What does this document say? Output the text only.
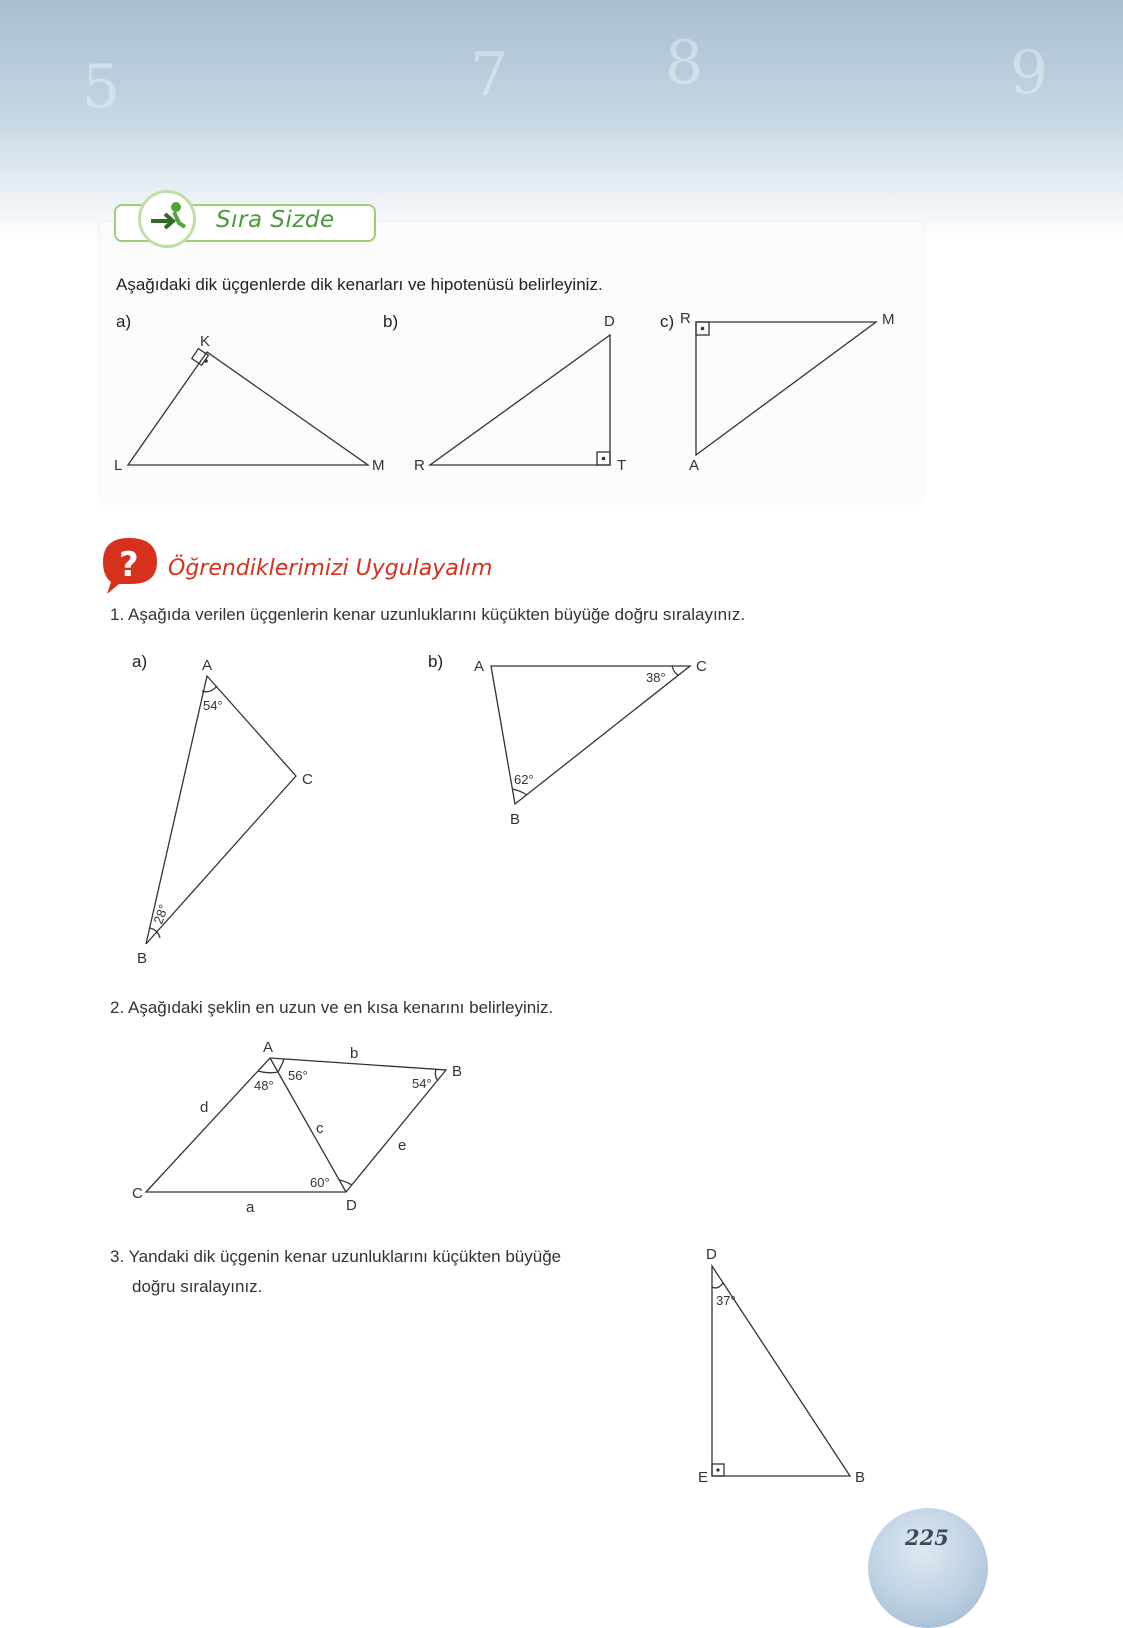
5	7	8	9
Sıra Sizde
Aşağıdaki dik üçgenlerde dik kenarları ve hipotenüsü belirleyiniz.
1. Aşağıda verilen üçgenlerin kenar uzunluklarını küçükten büyüğe doğru sıralayınız.
2. Aşağıdaki şeklin en uzun ve en kısa kenarını belirleyiniz.
3. Yandaki dik üçgenin kenar uzunluklarını küçükten büyüğe
doğru sıralayınız.
? Öğrendiklerimizi Uygulayalım
a)
K
L	M
b)	D
R	T
c) R	M
A
a)	A
C
B
54°
28°
b) A	C
B
38°
62°
A
B
C
D
b
d
c
e
a
56°
48°	54°
60°
D
E	B
37°
225
